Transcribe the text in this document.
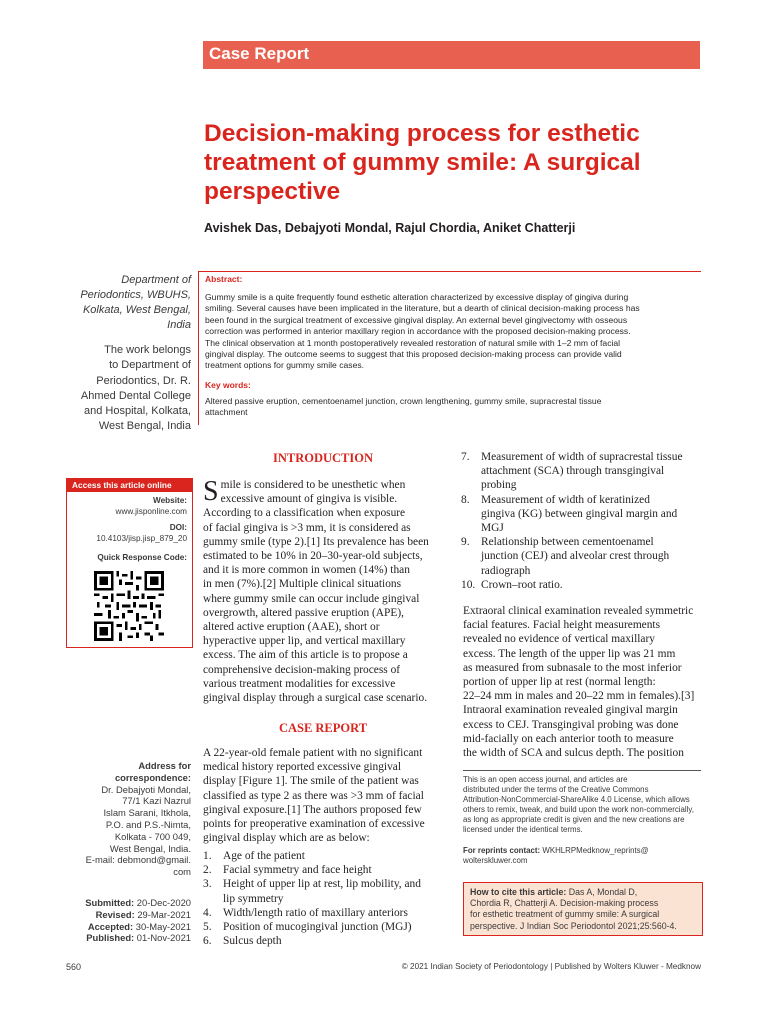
Case Report
Decision-making process for esthetic
treatment of gummy smile: A surgical
perspective
Avishek Das, Debajyoti Mondal, Rajul Chordia, Aniket Chatterji
Department of
Periodontics, WBUHS,
Kolkata, West Bengal,
India
The work belongs
to Department of
Periodontics, Dr. R.
Ahmed Dental College
and Hospital, Kolkata,
West Bengal, India
Abstract:
Gummy smile is a quite frequently found esthetic alteration characterized by excessive display of gingiva during
smiling. Several causes have been implicated in the literature, but a dearth of clinical decision-making process has
been found in the surgical treatment of excessive gingival display. An external bevel gingivectomy with osseous
correction was performed in anterior maxillary region in accordance with the proposed decision-making process.
The clinical observation at 1 month postoperatively revealed restoration of natural smile with 1–2 mm of facial
gingival display. The outcome seems to suggest that this proposed decision-making process can provide valid
treatment options for gummy smile cases.
Key words:
Altered passive eruption, cementoenamel junction, crown lengthening, gummy smile, supracrestal tissue
attachment
Access this article online
Website:
www.jisponline.com
DOI:
10.4103/jisp.jisp_879_20
Quick Response Code:
Address for
correspondence:
Dr. Debajyoti Mondal,
77/1 Kazi Nazrul
Islam Sarani, Itkhola,
P.O. and P.S.-Nimta,
Kolkata - 700 049,
West Bengal, India.
E-mail: debmond@gmail.
com
Submitted: 20-Dec-2020
Revised: 29-Mar-2021
Accepted: 30-May-2021
Published: 01-Nov-2021
INTRODUCTION
S mile is considered to be unesthetic when
excessive amount of gingiva is visible.
According to a classification when exposure
of facial gingiva is >3 mm, it is considered as
gummy smile (type 2).[1] Its prevalence has been
estimated to be 10% in 20–30-year-old subjects,
and it is more common in women (14%) than
in men (7%).[2] Multiple clinical situations
where gummy smile can occur include gingival
overgrowth, altered passive eruption (APE),
altered active eruption (AAE), short or
hyperactive upper lip, and vertical maxillary
excess. The aim of this article is to propose a
comprehensive decision-making process of
various treatment modalities for excessive
gingival display through a surgical case scenario.
CASE REPORT
A 22-year-old female patient with no significant
medical history reported excessive gingival
display [Figure 1]. The smile of the patient was
classified as type 2 as there was >3 mm of facial
gingival exposure.[1] The authors proposed few
points for preoperative examination of excessive
gingival display which are as below:
1. Age of the patient
2. Facial symmetry and face height
3. Height of upper lip at rest, lip mobility, and
lip symmetry
4. Width/length ratio of maxillary anteriors
5. Position of mucogingival junction (MGJ)
6. Sulcus depth
7. Measurement of width of supracrestal tissue
attachment (SCA) through transgingival
probing
8. Measurement of width of keratinized
gingiva (KG) between gingival margin and
MGJ
9. Relationship between cementoenamel
junction (CEJ) and alveolar crest through
radiograph
10. Crown–root ratio.
Extraoral clinical examination revealed symmetric
facial features. Facial height measurements
revealed no evidence of vertical maxillary
excess. The length of the upper lip was 21 mm
as measured from subnasale to the most inferior
portion of upper lip at rest (normal length:
22–24 mm in males and 20–22 mm in females).[3]
Intraoral examination revealed gingival margin
excess to CEJ. Transgingival probing was done
mid-facially on each anterior tooth to measure
the width of SCA and sulcus depth. The position
This is an open access journal, and articles are
distributed under the terms of the Creative Commons
Attribution-NonCommercial-ShareAlike 4.0 License, which allows
others to remix, tweak, and build upon the work non-commercially,
as long as appropriate credit is given and the new creations are
licensed under the identical terms.
For reprints contact: WKHLRPMedknow_reprints@
wolterskluwer.com
How to cite this article: Das A, Mondal D,
Chordia R, Chatterji A. Decision-making process
for esthetic treatment of gummy smile: A surgical
perspective. J Indian Soc Periodontol 2021;25:560-4.
560	© 2021 Indian Society of Periodontology | Published by Wolters Kluwer - Medknow
